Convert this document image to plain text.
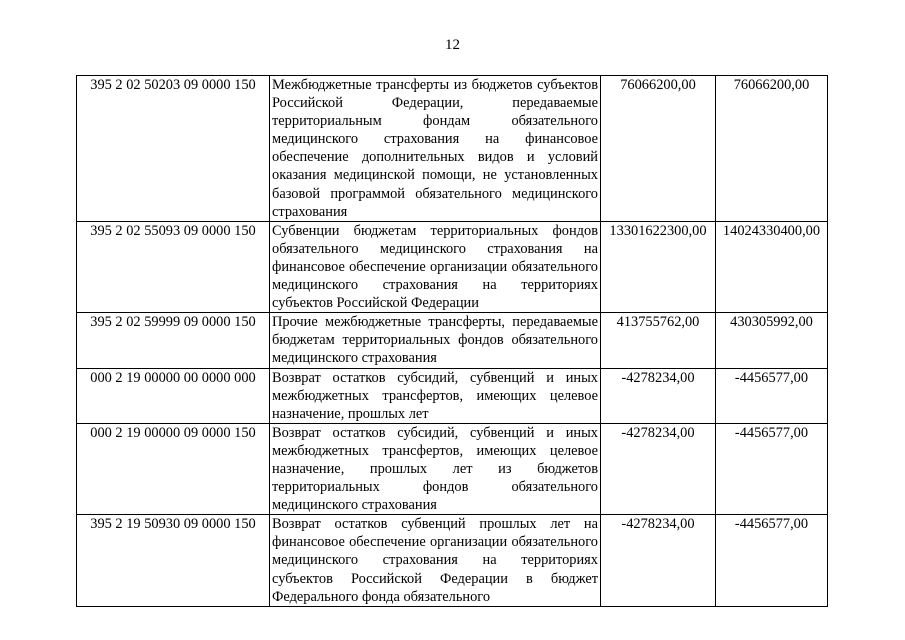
12
395 2 02 50203 09 0000 150	Межбюджетные трансферты из бюджетов субъектов Российской Федерации, передаваемые территориальным фондам обязательного медицинского страхования на финансовое обеспечение дополнительных видов и условий оказания медицинской помощи, не установленных базовой программой обязательного медицинского страхования	76066200,00	76066200,00
395 2 02 55093 09 0000 150	Субвенции бюджетам территориальных фондов обязательного медицинского страхования на финансовое обеспечение организации обязательного медицинского страхования на территориях субъектов Российской Федерации	13301622300,00	14024330400,00
395 2 02 59999 09 0000 150	Прочие межбюджетные трансферты, передаваемые бюджетам территориальных фондов обязательного медицинского страхования	413755762,00	430305992,00
000 2 19 00000 00 0000 000	Возврат остатков субсидий, субвенций и иных межбюджетных трансфертов, имеющих целевое назначение, прошлых лет	-4278234,00	-4456577,00
000 2 19 00000 09 0000 150	Возврат остатков субсидий, субвенций и иных межбюджетных трансфертов, имеющих целевое назначение, прошлых лет из бюджетов территориальных фондов обязательного медицинского страхования	-4278234,00	-4456577,00
395 2 19 50930 09 0000 150	Возврат остатков субвенций прошлых лет на финансовое обеспечение организации обязательного медицинского страхования на территориях субъектов Российской Федерации в бюджет Федерального фонда обязательного	-4278234,00	-4456577,00
